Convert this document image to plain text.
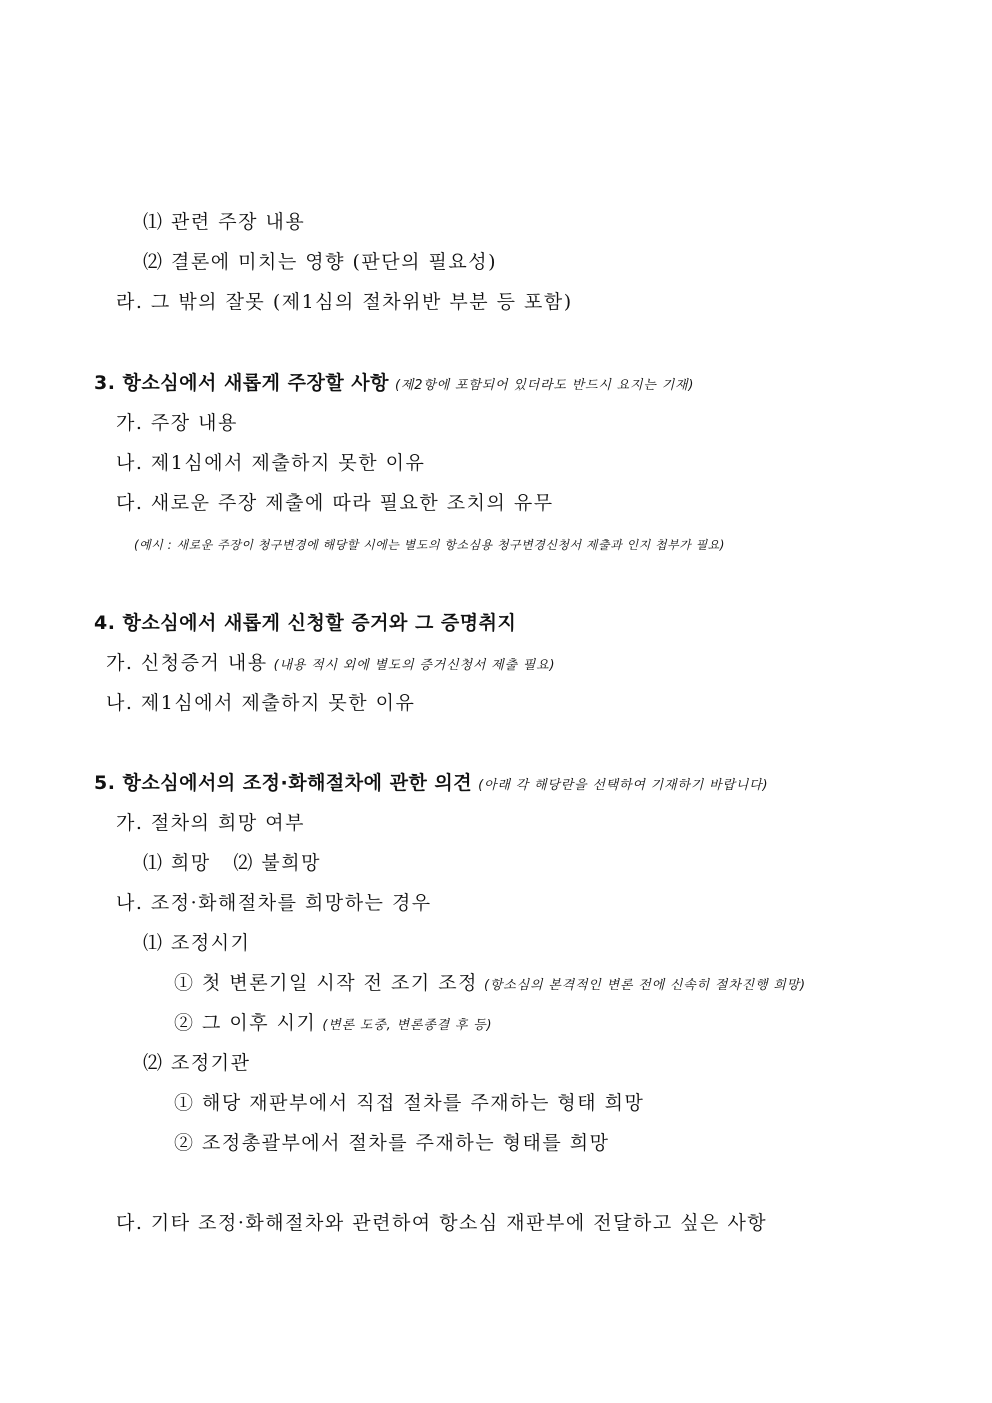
⑴ 관련 주장 내용
⑵ 결론에 미치는 영향 (판단의 필요성)
라. 그 밖의 잘못 (제1심의 절차위반 부분 등 포함)
3. 항소심에서 새롭게 주장할 사항 (제2항에 포함되어 있더라도 반드시 요지는 기재)
가. 주장 내용
나. 제1심에서 제출하지 못한 이유
다. 새로운 주장 제출에 따라 필요한 조치의 유무
(예시 : 새로운 주장이 청구변경에 해당할 시에는 별도의 항소심용 청구변경신청서 제출과 인지 첩부가 필요)
4. 항소심에서 새롭게 신청할 증거와 그 증명취지
가. 신청증거 내용 (내용 적시 외에 별도의 증거신청서 제출 필요)
나. 제1심에서 제출하지 못한 이유
5. 항소심에서의 조정·화해절차에 관한 의견 (아래 각 해당란을 선택하여 기재하기 바랍니다)
가. 절차의 희망 여부
⑴ 희망   ⑵ 불희망
나. 조정·화해절차를 희망하는 경우
⑴ 조정시기
① 첫 변론기일 시작 전 조기 조정 (항소심의 본격적인 변론 전에 신속히 절차진행 희망)
② 그 이후 시기 (변론 도중, 변론종결 후 등)
⑵ 조정기관
① 해당 재판부에서 직접 절차를 주재하는 형태 희망
② 조정총괄부에서 절차를 주재하는 형태를 희망
다. 기타 조정·화해절차와 관련하여 항소심 재판부에 전달하고 싶은 사항
